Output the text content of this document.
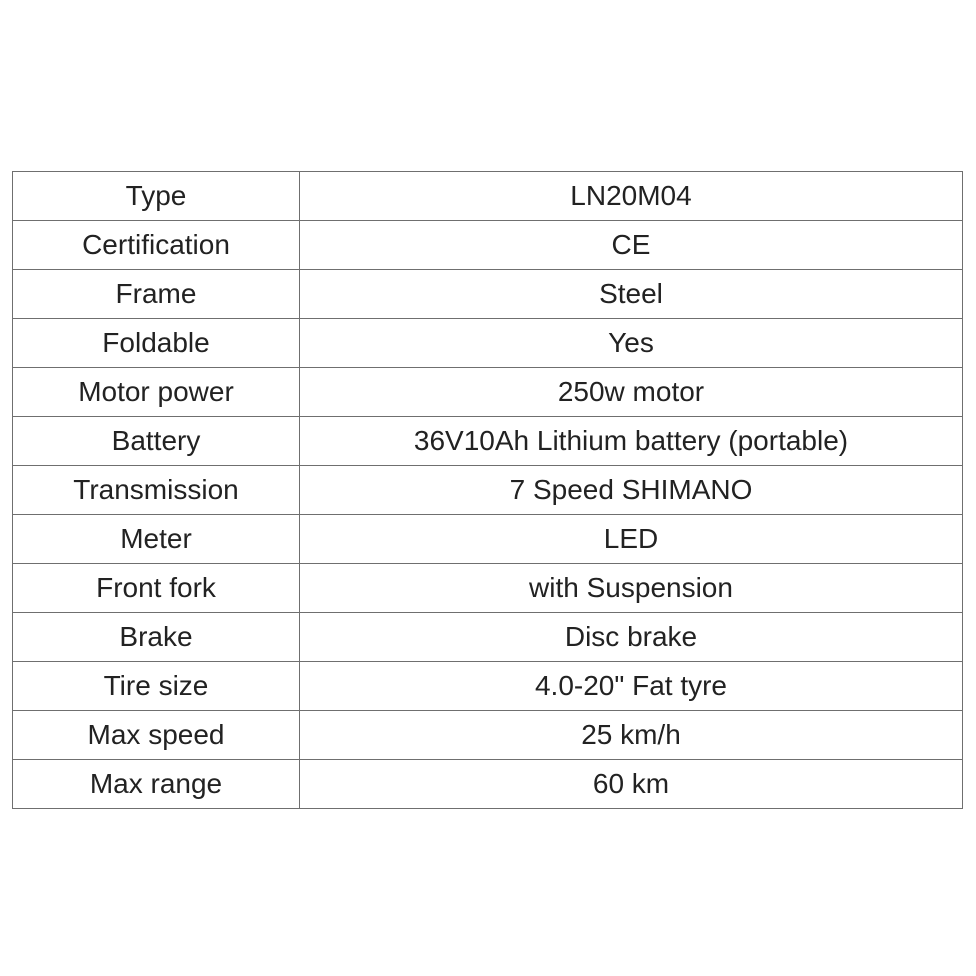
Type	LN20M04
Certification	CE
Frame	Steel
Foldable	Yes
Motor power	250w motor
Battery	36V10Ah Lithium battery (portable)
Transmission	7 Speed SHIMANO
Meter	LED
Front fork	with Suspension
Brake	Disc brake
Tire size	4.0-20" Fat tyre
Max speed	25 km/h
Max range	60 km
